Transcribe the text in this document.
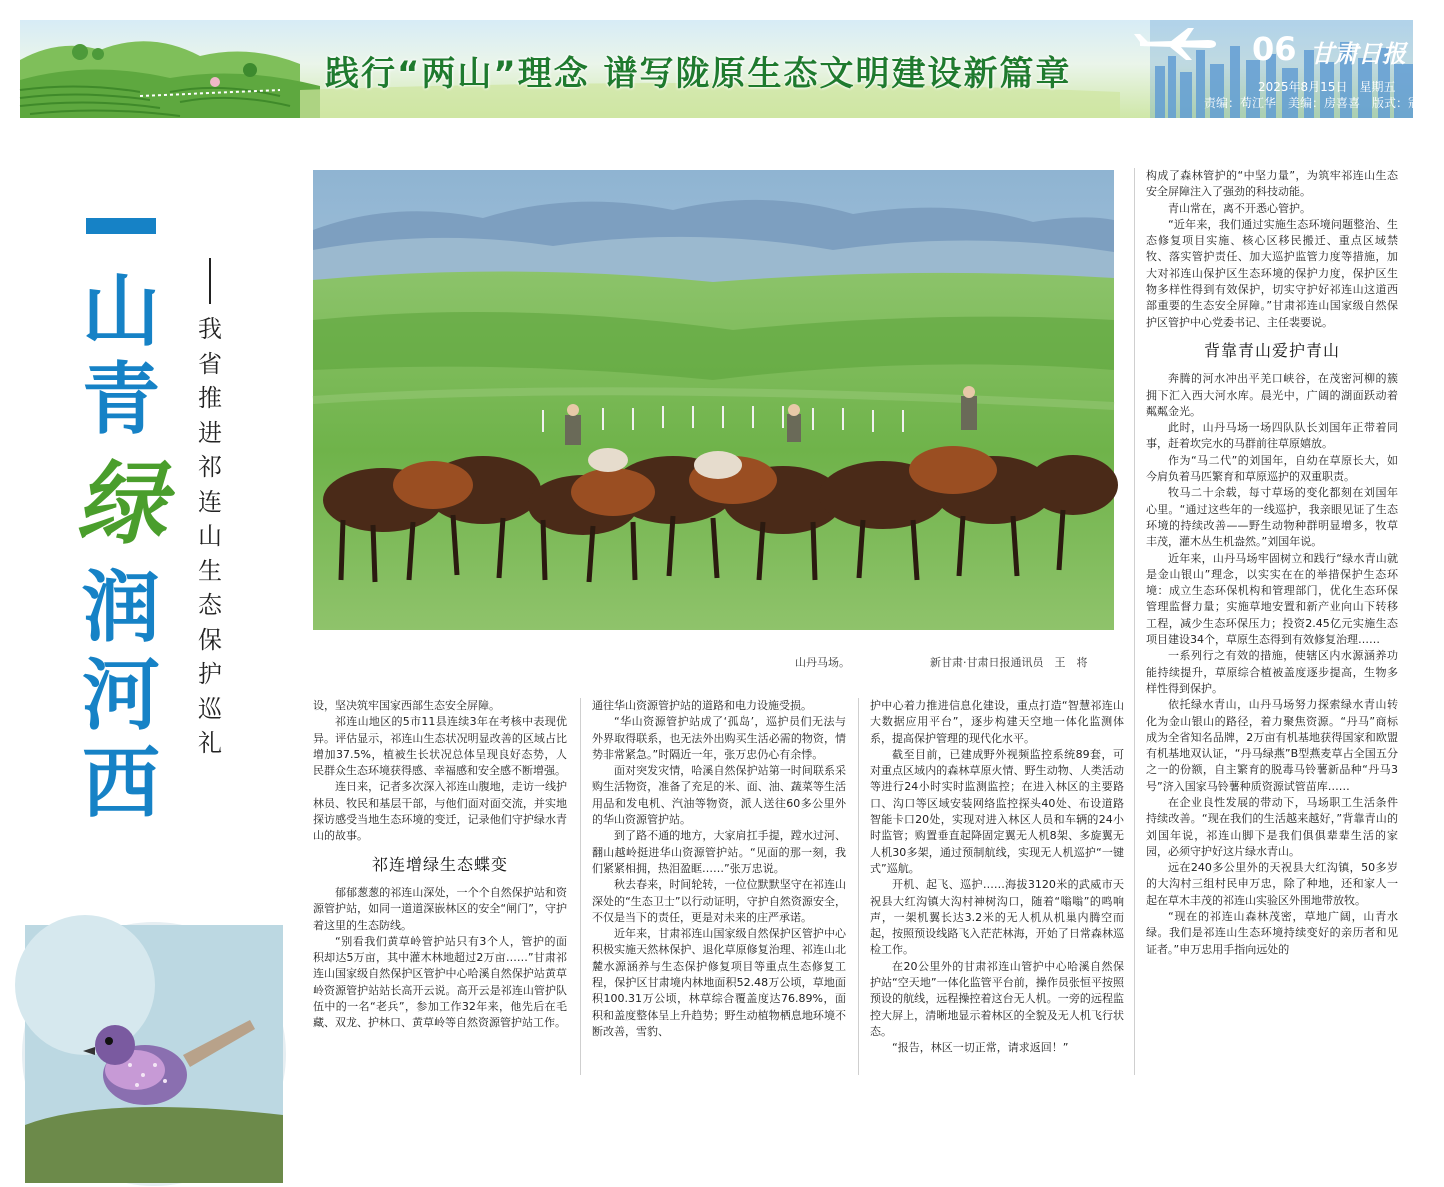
践行“两山”理念 谱写陇原生态文明建设新篇章
06 甘肃日报
2025年8月15日　星期五
责编：苟江华　美编：房喜喜　版式：冠月丹
山
青
绿
润
河
西
我
省
推
进
祁
连
山
生
态
保
护
巡
礼
山丹马场。	新甘肃·甘肃日报通讯员　王　将

设，坚决筑牢国家西部生态安全屏障。

祁连山地区的5市11县连续3年在考核中表现优异。评估显示，祁连山生态状况明显改善的区域占比增加37.5%，植被生长状况总体呈现良好态势，人民群众生态环境获得感、幸福感和安全感不断增强。

连日来，记者多次深入祁连山腹地，走访一线护林员、牧民和基层干部，与他们面对面交流，并实地探访感受当地生态环境的变迁，记录他们守护绿水青山的故事。

祁连增绿生态蝶变

郁郁葱葱的祁连山深处，一个个自然保护站和资源管护站，如同一道道深嵌林区的安全“闸门”，守护着这里的生态防线。

“别看我们黄草岭管护站只有3个人，管护的面积却达5万亩，其中灌木林地超过2万亩……”甘肃祁连山国家级自然保护区管护中心哈溪自然保护站黄草岭资源管护站站长高开云说。高开云是祁连山管护队伍中的一名“老兵”，参加工作32年来，他先后在毛藏、双龙、护林口、黄草岭等自然资源管护站工作。

通往华山资源管护站的道路和电力设施受损。

“华山资源管护站成了‘孤岛’，巡护员们无法与外界取得联系，也无法外出购买生活必需的物资，情势非常紧急。”时隔近一年，张万忠仍心有余悸。

面对突发灾情，哈溪自然保护站第一时间联系采购生活物资，准备了充足的米、面、油、蔬菜等生活用品和发电机、汽油等物资，派人送往60多公里外的华山资源管护站。

到了路不通的地方，大家肩扛手提，蹚水过河、翻山越岭挺进华山资源管护站。“见面的那一刻，我们紧紧相拥，热泪盈眶……”张万忠说。

秋去春来，时间轮转，一位位默默坚守在祁连山深处的“生态卫士”以行动证明，守护自然资源安全，不仅是当下的责任，更是对未来的庄严承诺。

近年来，甘肃祁连山国家级自然保护区管护中心积极实施天然林保护、退化草原修复治理、祁连山北麓水源涵养与生态保护修复项目等重点生态修复工程，保护区甘肃境内林地面积52.48万公顷，草地面积100.31万公顷，林草综合覆盖度达76.89%，面积和盖度整体呈上升趋势；野生动植物栖息地环境不断改善，雪豹、

护中心着力推进信息化建设，重点打造“智慧祁连山大数据应用平台”，逐步构建天空地一体化监测体系，提高保护管理的现代化水平。

截至目前，已建成野外视频监控系统89套，可对重点区域内的森林草原火情、野生动物、人类活动等进行24小时实时监测监控；在进入林区的主要路口、沟口等区域安装网络监控探头40处、布设道路智能卡口20处，实现对进入林区人员和车辆的24小时监管；购置垂直起降固定翼无人机8架、多旋翼无人机30多架，通过预制航线，实现无人机巡护“一键式”巡航。

开机、起飞、巡护……海拔3120米的武威市天祝县大红沟镇大沟村神树沟口，随着“嗡嗡”的鸣响声，一架机翼长达3.2米的无人机从机巢内腾空而起，按照预设线路飞入茫茫林海，开始了日常森林巡检工作。

在20公里外的甘肃祁连山管护中心哈溪自然保护站“空天地”一体化监管平台前，操作员张恒平按照预设的航线，远程操控着这台无人机。一旁的远程监控大屏上，清晰地显示着林区的全貌及无人机飞行状态。

“报告，林区一切正常，请求返回！”

构成了森林管护的“中坚力量”，为筑牢祁连山生态安全屏障注入了强劲的科技动能。

青山常在，离不开悉心管护。

“近年来，我们通过实施生态环境问题整治、生态修复项目实施、核心区移民搬迁、重点区域禁牧、落实管护责任、加大巡护监管力度等措施，加大对祁连山保护区生态环境的保护力度，保护区生物多样性得到有效保护，切实守护好祁连山这道西部重要的生态安全屏障。”甘肃祁连山国家级自然保护区管护中心党委书记、主任裴要说。

背靠青山爱护青山

奔腾的河水冲出平羌口峡谷，在茂密河柳的簇拥下汇入西大河水库。晨光中，广阔的湖面跃动着粼粼金光。

此时，山丹马场一场四队队长刘国年正带着同事，赶着坎完水的马群前往草原嬉放。

作为“马二代”的刘国年，自幼在草原长大，如今肩负着马匹繁育和草原巡护的双重职责。

牧马二十余载，每寸草场的变化都刻在刘国年心里。“通过这些年的一线巡护，我亲眼见证了生态环境的持续改善——野生动物种群明显增多，牧草丰茂，灌木丛生机盎然。”刘国年说。

近年来，山丹马场牢固树立和践行“绿水青山就是金山银山”理念，以实实在在的举措保护生态环境：成立生态环保机构和管理部门，优化生态环保管理监督力量；实施草地安置和新产业向山下转移工程，减少生态环保压力；投资2.45亿元实施生态项目建设34个，草原生态得到有效修复治理……

一系列行之有效的措施，使辖区内水源涵养功能持续提升，草原综合植被盖度逐步提高，生物多样性得到保护。

依托绿水青山，山丹马场努力探索绿水青山转化为金山银山的路径，着力聚焦资源。“丹马”商标成为全省知名品牌，2万亩有机基地获得国家和欧盟有机基地双认证，“丹马绿燕”B型燕麦草占全国五分之一的份额，自主繁育的脱毒马铃薯新品种“丹马3号”济入国家马铃薯种质资源试管苗库……

在企业良性发展的带动下，马场职工生活条件持续改善。“现在我们的生活越来越好，”背靠青山的刘国年说，祁连山脚下是我们俱俱辈辈生活的家园，必须守护好这片绿水青山。

远在240多公里外的天祝县大红沟镇，50多岁的大沟村三组村民申万忠，除了种地，还和家人一起在草木丰茂的祁连山实验区外围地带放牧。

“现在的祁连山森林茂密，草地广阔，山青水绿。我们是祁连山生态环境持续变好的亲历者和见证者。”申万忠用手指向远处的
